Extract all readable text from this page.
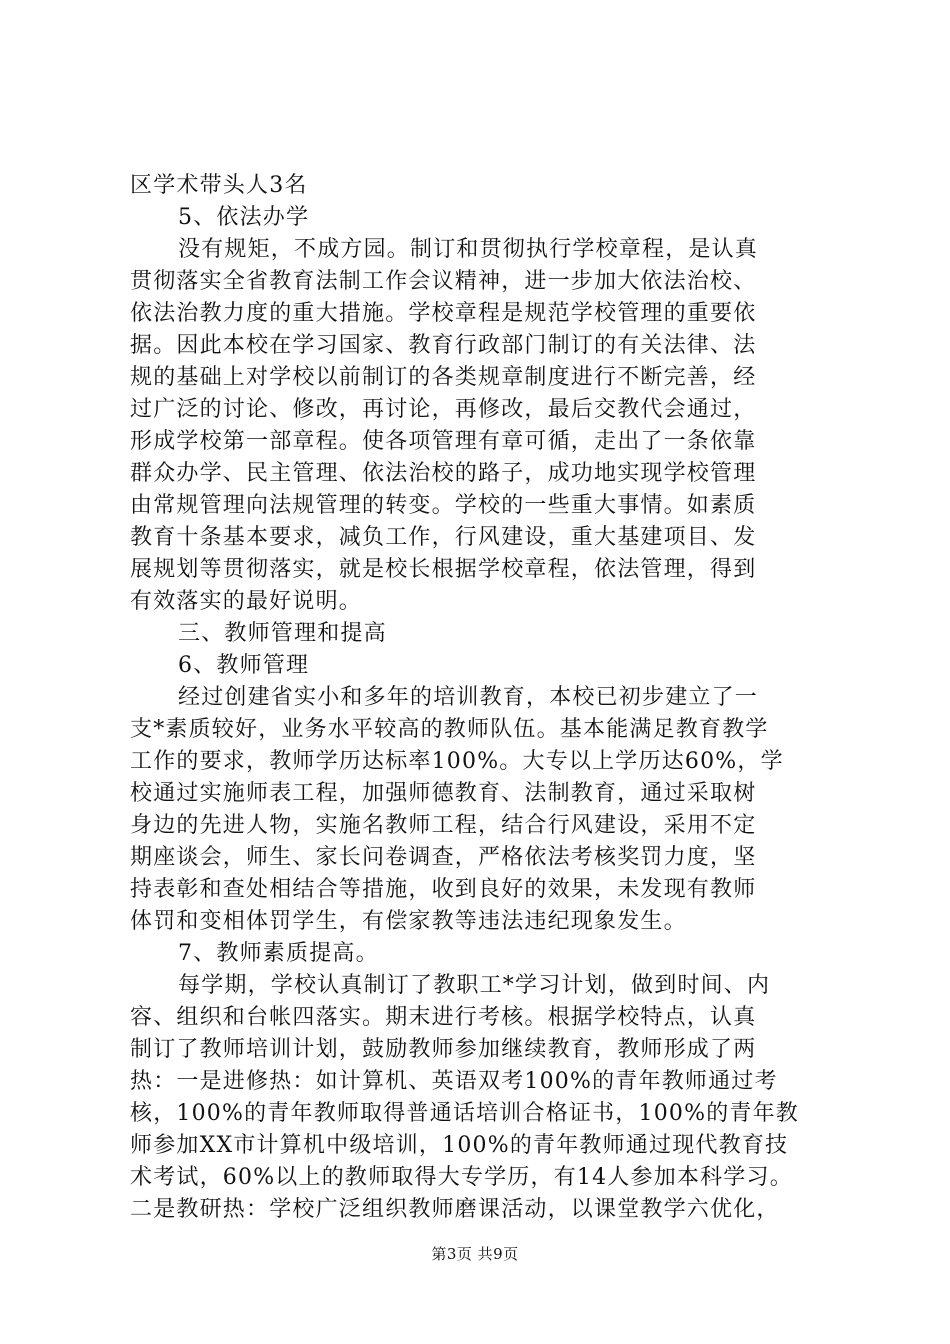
区学术带头人3名
5、依法办学
没有规矩，不成方园。制订和贯彻执行学校章程，是认真
贯彻落实全省教育法制工作会议精神，进一步加大依法治校、
依法治教力度的重大措施。学校章程是规范学校管理的重要依
据。因此本校在学习国家、教育行政部门制订的有关法律、法
规的基础上对学校以前制订的各类规章制度进行不断完善，经
过广泛的讨论、修改，再讨论，再修改，最后交教代会通过，
形成学校第一部章程。使各项管理有章可循，走出了一条依靠
群众办学、民主管理、依法治校的路子，成功地实现学校管理
由常规管理向法规管理的转变。学校的一些重大事情。如素质
教育十条基本要求，减负工作，行风建设，重大基建项目、发
展规划等贯彻落实，就是校长根据学校章程，依法管理，得到
有效落实的最好说明。
三、教师管理和提高
6、教师管理
经过创建省实小和多年的培训教育，本校已初步建立了一
支*素质较好，业务水平较高的教师队伍。基本能满足教育教学
工作的要求，教师学历达标率100%。大专以上学历达60%，学
校通过实施师表工程，加强师德教育、法制教育，通过采取树
身边的先进人物，实施名教师工程，结合行风建设，采用不定
期座谈会，师生、家长问卷调查，严格依法考核奖罚力度，坚
持表彰和查处相结合等措施，收到良好的效果，未发现有教师
体罚和变相体罚学生，有偿家教等违法违纪现象发生。
7、教师素质提高。
每学期，学校认真制订了教职工*学习计划，做到时间、内
容、组织和台帐四落实。期末进行考核。根据学校特点，认真
制订了教师培训计划，鼓励教师参加继续教育，教师形成了两
热：一是进修热：如计算机、英语双考100%的青年教师通过考
核，100%的青年教师取得普通话培训合格证书，100%的青年教
师参加XX市计算机中级培训，100%的青年教师通过现代教育技
术考试，60%以上的教师取得大专学历，有14人参加本科学习。
二是教研热：学校广泛组织教师磨课活动，以课堂教学六优化，
第3页 共9页
